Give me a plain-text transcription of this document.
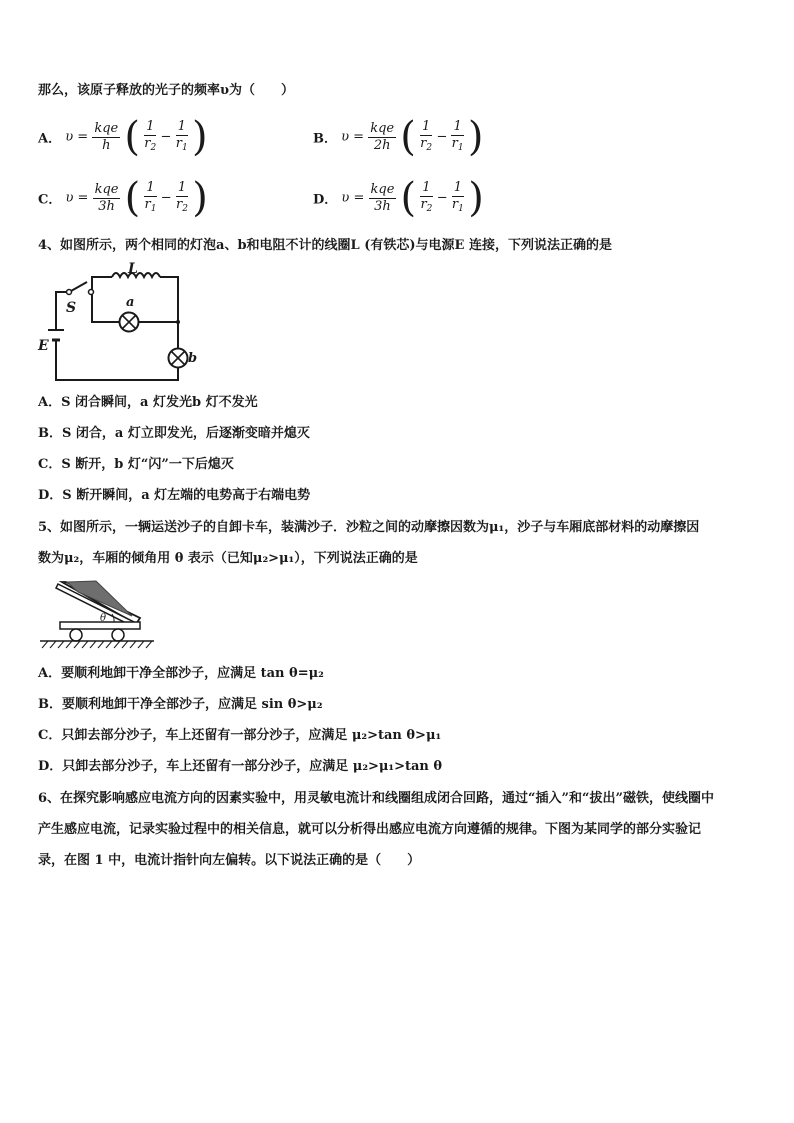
那么，该原子释放的光子的频率υ为（　　）
A． $\upsilon = \frac{\text{kqe}}{h}$ ( $\frac{1}{r_2} - \frac{1}{r_1}$ )	B． $\upsilon = \frac{\text{kqe}}{2h}$ ( $\frac{1}{r_2} - \frac{1}{r_1}$ )
C． $\upsilon = \frac{\text{kqe}}{3h}$ ( $\frac{1}{r_1} - \frac{1}{r_2}$ )	D． $\upsilon = \frac{\text{kqe}}{3h}$ ( $\frac{1}{r_2} - \frac{1}{r_1}$ )
4、如图所示，两个相同的灯泡a、b和电阻不计的线圈L (有铁芯)与电源E 连接，下列说法正确的是
L
a
S
E
b
A．S 闭合瞬间，a 灯发光b 灯不发光
B．S 闭合，a 灯立即发光，后逐渐变暗并熄灭
C．S 断开，b 灯“闪”一下后熄灭
D．S 断开瞬间，a 灯左端的电势高于右端电势
5、如图所示，一辆运送沙子的自卸卡车，装满沙子．沙粒之间的动摩擦因数为μ₁，沙子与车厢底部材料的动摩擦因
数为μ₂，车厢的倾角用 θ 表示（已知μ₂>μ₁），下列说法正确的是
θ
A．要顺利地卸干净全部沙子，应满足 tan θ=μ₂
B．要顺利地卸干净全部沙子，应满足 sin θ>μ₂
C．只卸去部分沙子，车上还留有一部分沙子，应满足 μ₂>tan θ>μ₁
D．只卸去部分沙子，车上还留有一部分沙子，应满足 μ₂>μ₁>tan θ
6、在探究影响感应电流方向的因素实验中，用灵敏电流计和线圈组成闭合回路，通过“插入”和“拔出”磁铁，使线圈中
产生感应电流，记录实验过程中的相关信息，就可以分析得出感应电流方向遵循的规律。下图为某同学的部分实验记
录，在图 1 中，电流计指针向左偏转。以下说法正确的是（　　）
